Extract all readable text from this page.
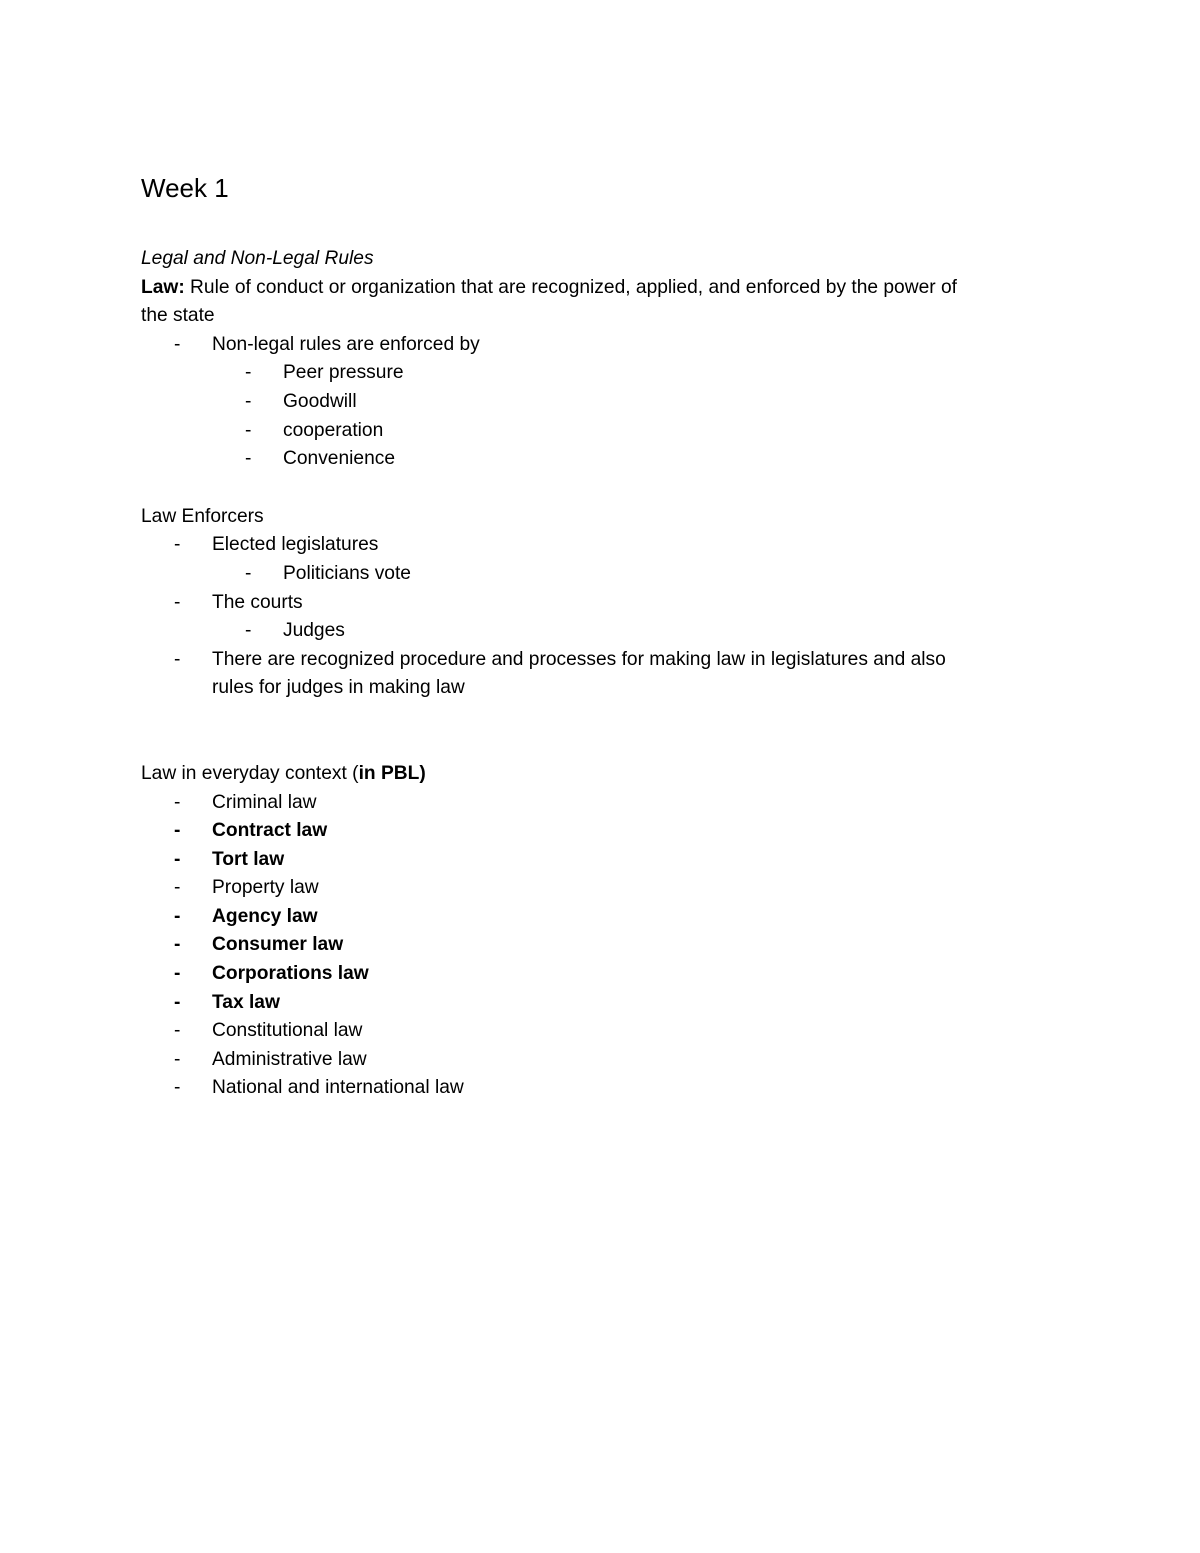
Week 1

Legal and Non-Legal Rules

Law: Rule of conduct or organization that are recognized, applied, and enforced by the power of

the state

- Non-legal rules are enforced by

- Peer pressure

- Goodwill

- cooperation

- Convenience

Law Enforcers

- Elected legislatures

- Politicians vote

- The courts

- Judges

- There are recognized procedure and processes for making law in legislatures and also

rules for judges in making law

Law in everyday context (in PBL)

- Criminal law

- Contract law

- Tort law

- Property law

- Agency law

- Consumer law

- Corporations law

- Tax law

- Constitutional law

- Administrative law

- National and international law
